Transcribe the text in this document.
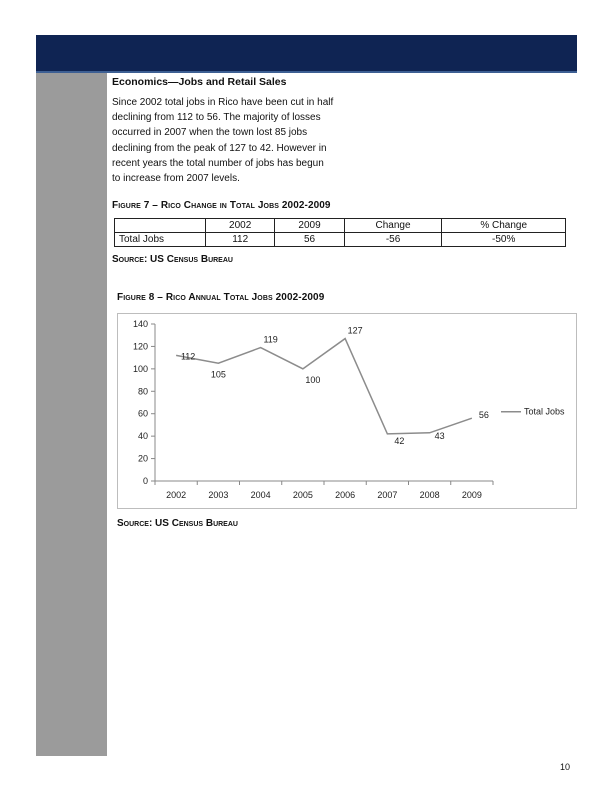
Economics—Jobs and Retail Sales
Since 2002 total jobs in Rico have been cut in half
declining from 112 to 56. The majority of losses
occurred in 2007 when the town lost 85 jobs
declining from the peak of 127 to 42. However in
recent years the total number of jobs has begun
to increase from 2007 levels.
Figure 7 – Rico Change in Total Jobs 2002-2009
	2002	2009	Change	% Change
Total Jobs	112	56	-56	-50%
Source: US Census Bureau
Figure 8 – Rico Annual Total Jobs 2002-2009
0
20
40
60
80
100
120
140
2002 2003 2004 2005 2006 2007 2008 2009
112
105
119
100
127
42
43
56	Total Jobs
Source: US Census Bureau
10
